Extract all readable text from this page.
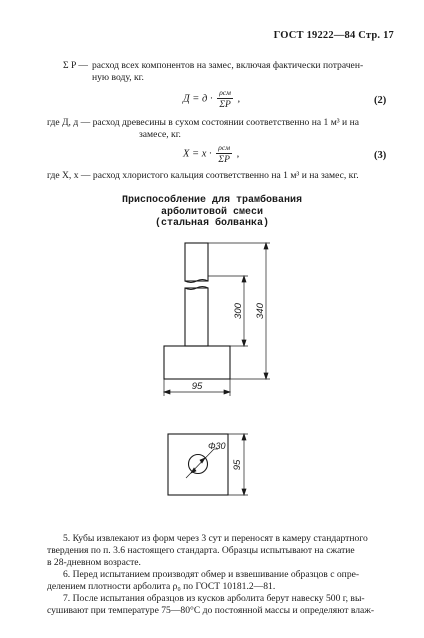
ГОСТ 19222—84 Стр. 17
Σ P — расход всех компонентов на замес, включая фактически потрачен-
ную воду, кг.
$Д = д \cdot \frac{\text{ρсм}}{\Sigma P}$ ,	(2)
где Д, д — расход древесины в сухом состоянии соответственно на 1 м³ и на
замесе, кг.
$X = x \cdot \frac{\text{ρсм}}{\Sigma P}$ ,	(3)
где X, x — расход хлористого кальция соответственно на 1 м³ и на замес, кг.
Приспособление для трамбования
арболитовой смеси
(стальная болванка)
300 340
95
Φ30
95
5. Кубы извлекают из форм через 3 сут и переносят в камеру стандартного
твердения по п. 3.6 настоящего стандарта. Образцы испытывают на сжатие
в 28-дневном возрасте.
6. Перед испытанием производят обмер и взвешивание образцов с опре-
делением плотности арболита ρ₀ по ГОСТ 10181.2—81.
7. После испытания образцов из кусков арболита берут навеску 500 г, вы-
сушивают при температуре 75—80°С до постоянной массы и определяют влаж-
